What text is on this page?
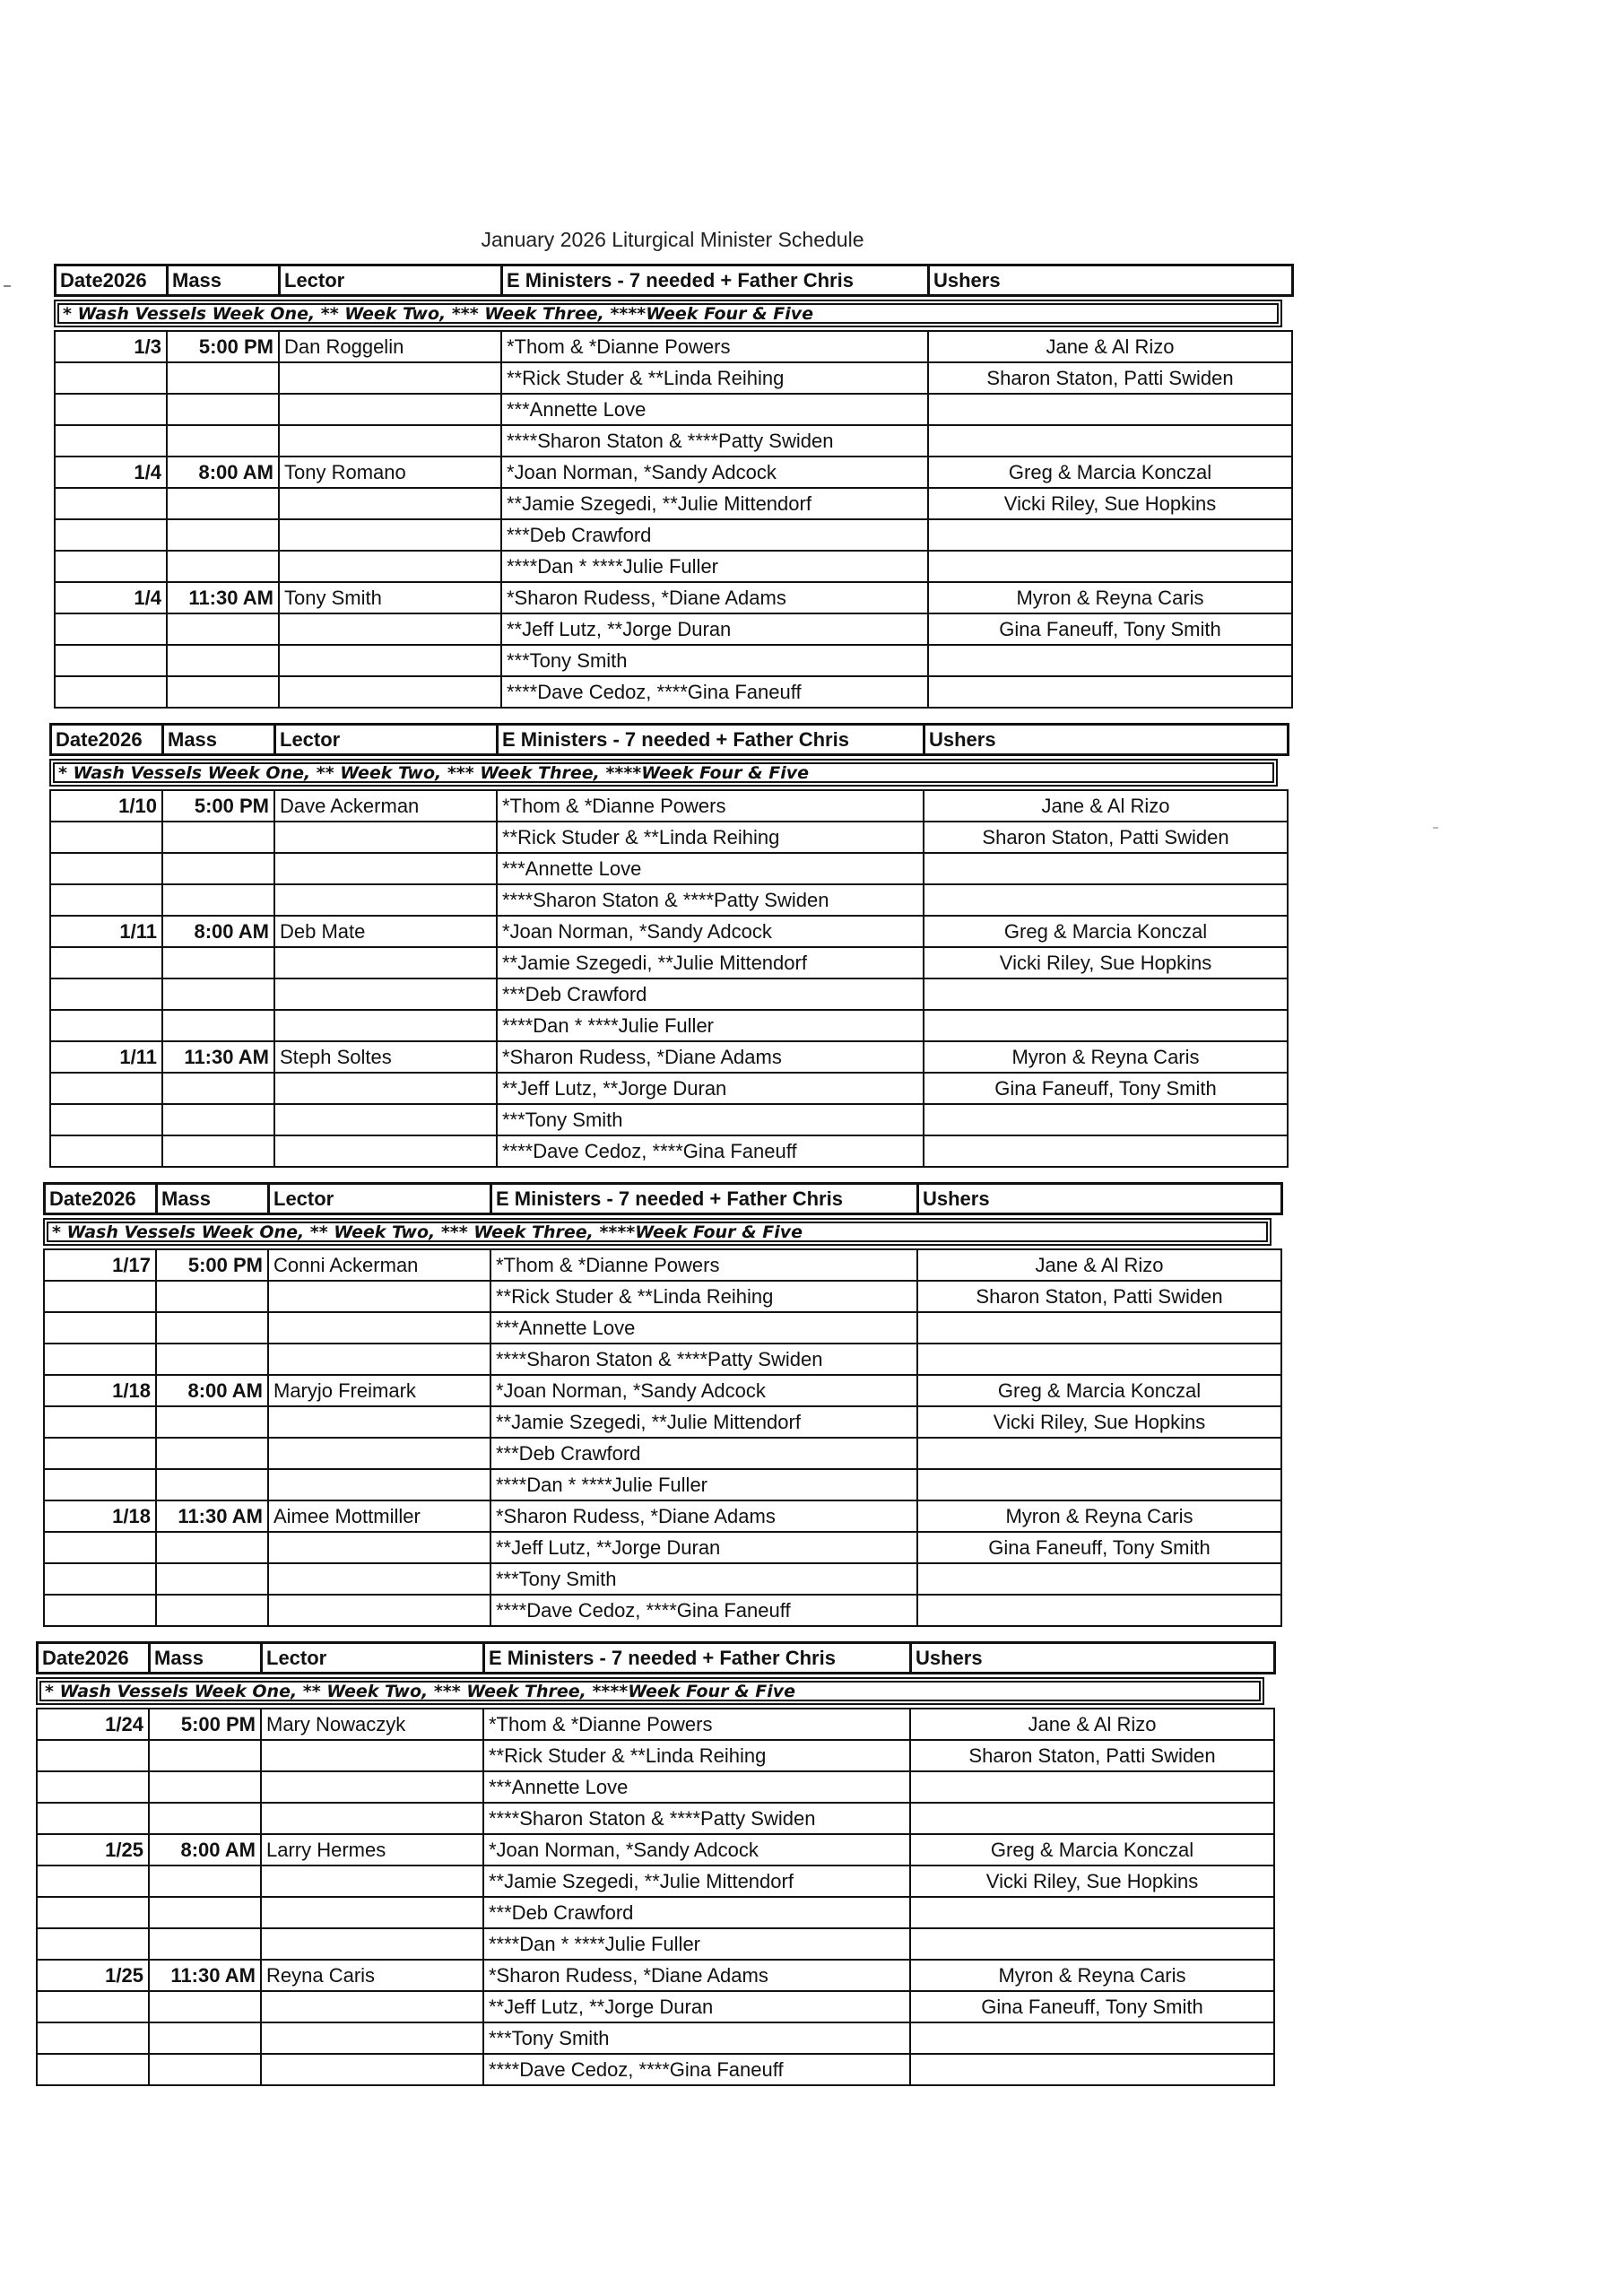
January 2026 Liturgical Minister Schedule
Date2026	Mass	Lector	E Ministers - 7 needed + Father Chris	Ushers
* Wash Vessels Week One, ** Week Two, *** Week Three, ****Week Four & Five
1/3	5:00 PM	Dan Roggelin	*Thom & *Dianne Powers	Jane & Al Rizo
			**Rick Studer & **Linda Reihing	Sharon Staton, Patti Swiden
			***Annette Love	
			****Sharon Staton & ****Patty Swiden	
1/4	8:00 AM	Tony Romano	*Joan Norman, *Sandy Adcock	Greg & Marcia Konczal
			**Jamie Szegedi, **Julie Mittendorf	Vicki Riley, Sue Hopkins
			***Deb Crawford	
			****Dan * ****Julie Fuller	
1/4	11:30 AM	Tony Smith	*Sharon Rudess, *Diane Adams	Myron & Reyna Caris
			**Jeff Lutz, **Jorge Duran	Gina Faneuff, Tony Smith
			***Tony Smith	
			****Dave Cedoz, ****Gina Faneuff	
Date2026	Mass	Lector	E Ministers - 7 needed + Father Chris	Ushers
* Wash Vessels Week One, ** Week Two, *** Week Three, ****Week Four & Five
1/10	5:00 PM	Dave Ackerman	*Thom & *Dianne Powers	Jane & Al Rizo
			**Rick Studer & **Linda Reihing	Sharon Staton, Patti Swiden
			***Annette Love	
			****Sharon Staton & ****Patty Swiden	
1/11	8:00 AM	Deb Mate	*Joan Norman, *Sandy Adcock	Greg & Marcia Konczal
			**Jamie Szegedi, **Julie Mittendorf	Vicki Riley, Sue Hopkins
			***Deb Crawford	
			****Dan * ****Julie Fuller	
1/11	11:30 AM	Steph Soltes	*Sharon Rudess, *Diane Adams	Myron & Reyna Caris
			**Jeff Lutz, **Jorge Duran	Gina Faneuff, Tony Smith
			***Tony Smith	
			****Dave Cedoz, ****Gina Faneuff	
Date2026	Mass	Lector	E Ministers - 7 needed + Father Chris	Ushers
* Wash Vessels Week One, ** Week Two, *** Week Three, ****Week Four & Five
1/17	5:00 PM	Conni Ackerman	*Thom & *Dianne Powers	Jane & Al Rizo
			**Rick Studer & **Linda Reihing	Sharon Staton, Patti Swiden
			***Annette Love	
			****Sharon Staton & ****Patty Swiden	
1/18	8:00 AM	Maryjo Freimark	*Joan Norman, *Sandy Adcock	Greg & Marcia Konczal
			**Jamie Szegedi, **Julie Mittendorf	Vicki Riley, Sue Hopkins
			***Deb Crawford	
			****Dan * ****Julie Fuller	
1/18	11:30 AM	Aimee Mottmiller	*Sharon Rudess, *Diane Adams	Myron & Reyna Caris
			**Jeff Lutz, **Jorge Duran	Gina Faneuff, Tony Smith
			***Tony Smith	
			****Dave Cedoz, ****Gina Faneuff	
Date2026	Mass	Lector	E Ministers - 7 needed + Father Chris	Ushers
* Wash Vessels Week One, ** Week Two, *** Week Three, ****Week Four & Five
1/24	5:00 PM	Mary Nowaczyk	*Thom & *Dianne Powers	Jane & Al Rizo
			**Rick Studer & **Linda Reihing	Sharon Staton, Patti Swiden
			***Annette Love	
			****Sharon Staton & ****Patty Swiden	
1/25	8:00 AM	Larry Hermes	*Joan Norman, *Sandy Adcock	Greg & Marcia Konczal
			**Jamie Szegedi, **Julie Mittendorf	Vicki Riley, Sue Hopkins
			***Deb Crawford	
			****Dan * ****Julie Fuller	
1/25	11:30 AM	Reyna Caris	*Sharon Rudess, *Diane Adams	Myron & Reyna Caris
			**Jeff Lutz, **Jorge Duran	Gina Faneuff, Tony Smith
			***Tony Smith	
			****Dave Cedoz, ****Gina Faneuff	
